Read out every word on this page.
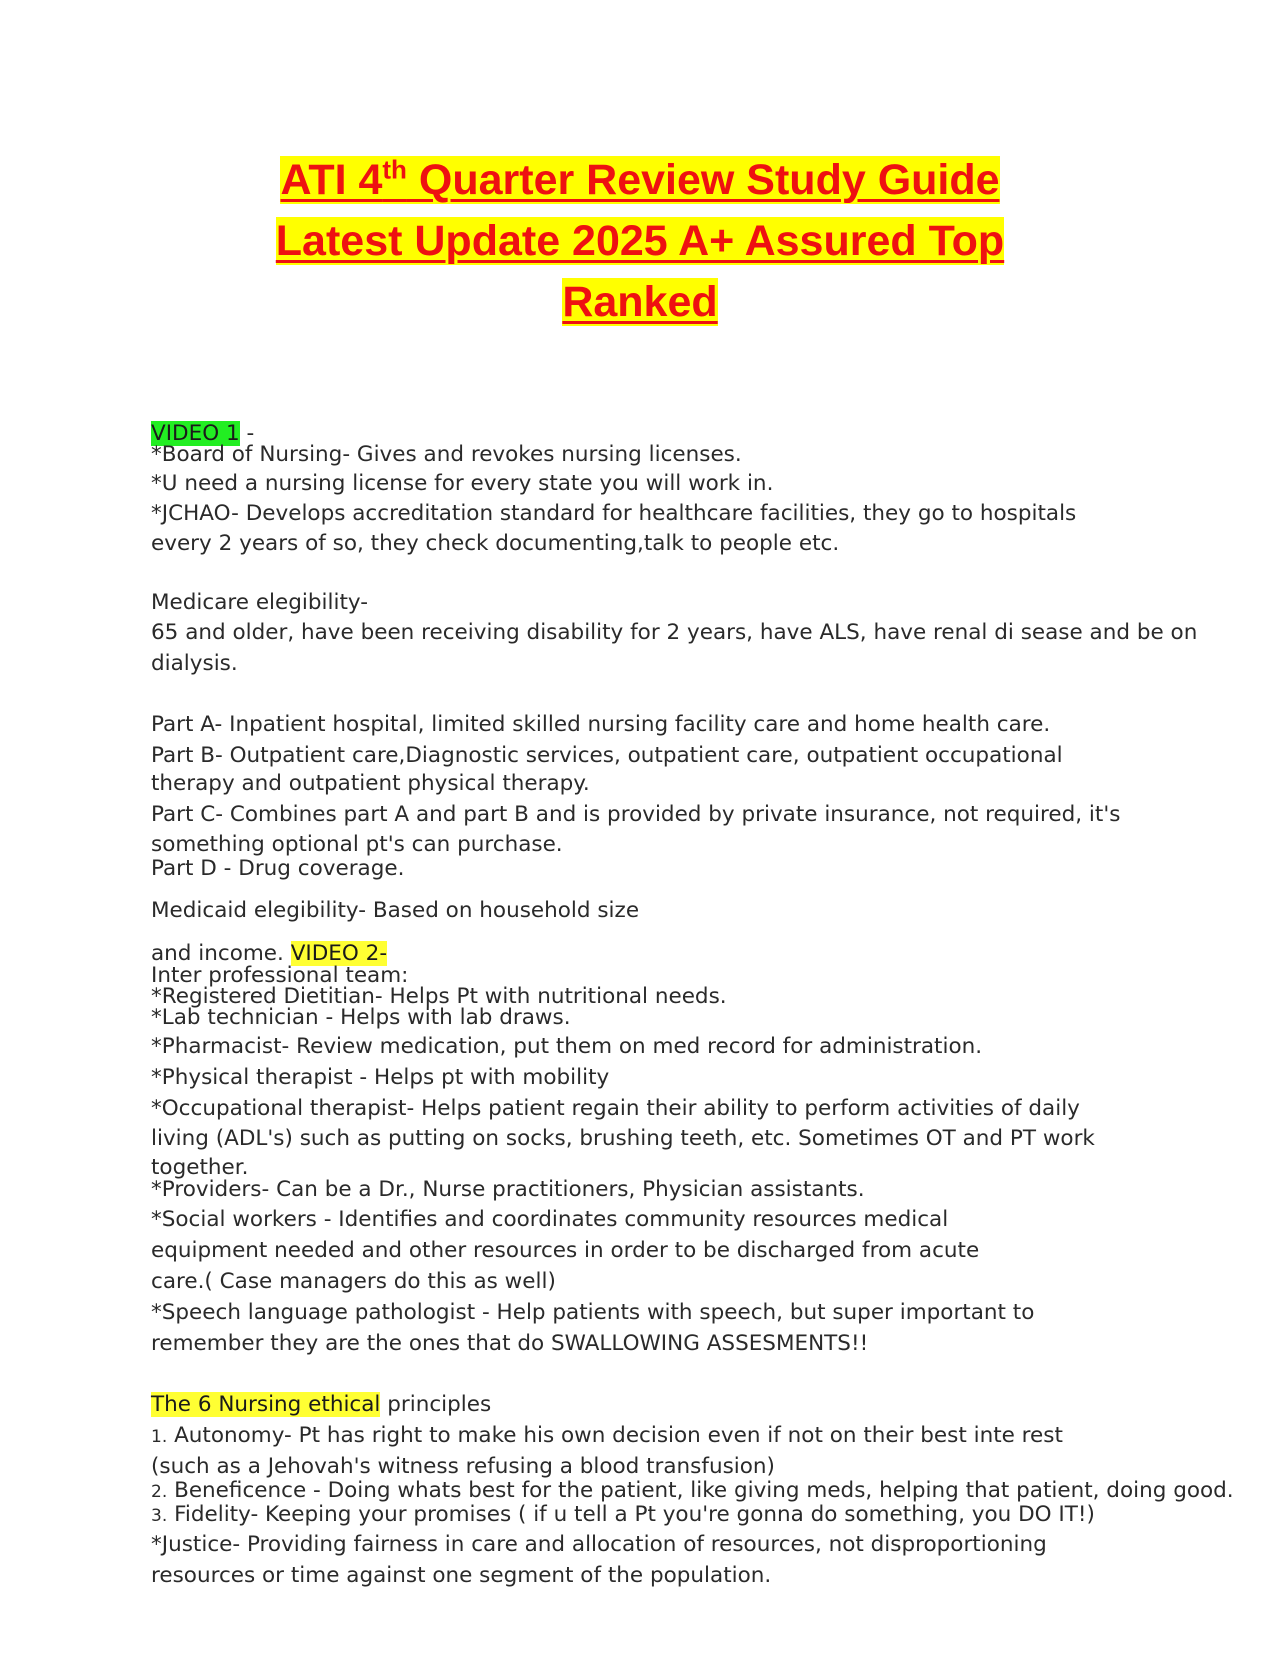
ATI 4th Quarter Review Study Guide
Latest Update 2025 A+ Assured Top
Ranked
VIDEO 1 -
*Board of Nursing- Gives and revokes nursing licenses.
*U need a nursing license for every state you will work in.
*JCHAO- Develops accreditation standard for healthcare facilities, they go to hospitals
every 2 years of so, they check documenting,talk to people etc.
Medicare elegibility-
65 and older, have been receiving disability for 2 years, have ALS, have renal di sease and be on
dialysis.
Part A- Inpatient hospital, limited skilled nursing facility care and home health care.
Part B- Outpatient care,Diagnostic services, outpatient care, outpatient occupational
therapy and outpatient physical therapy.
Part C- Combines part A and part B and is provided by private insurance, not required, it's
something optional pt's can purchase.
Part D - Drug coverage.
Medicaid elegibility- Based on household size
and income. VIDEO 2-
Inter professional team:
*Registered Dietitian- Helps Pt with nutritional needs.
*Lab technician - Helps with lab draws.
*Pharmacist- Review medication, put them on med record for administration.
*Physical therapist - Helps pt with mobility
*Occupational therapist- Helps patient regain their ability to perform activities of daily
living (ADL's) such as putting on socks, brushing teeth, etc. Sometimes OT and PT work
together.
*Providers- Can be a Dr., Nurse practitioners, Physician assistants.
*Social workers - Identifies and coordinates community resources medical
equipment needed and other resources in order to be discharged from acute
care.( Case managers do this as well)
*Speech language pathologist - Help patients with speech, but super important to
remember they are the ones that do SWALLOWING ASSESMENTS!!
The 6 Nursing ethical principles
1. Autonomy- Pt has right to make his own decision even if not on their best inte rest
(such as a Jehovah's witness refusing a blood transfusion)
2. Beneficence - Doing whats best for the patient, like giving meds, helping that patient, doing good.
3. Fidelity- Keeping your promises ( if u tell a Pt you're gonna do something, you DO IT!)
*Justice- Providing fairness in care and allocation of resources, not disproportioning
resources or time against one segment of the population.
